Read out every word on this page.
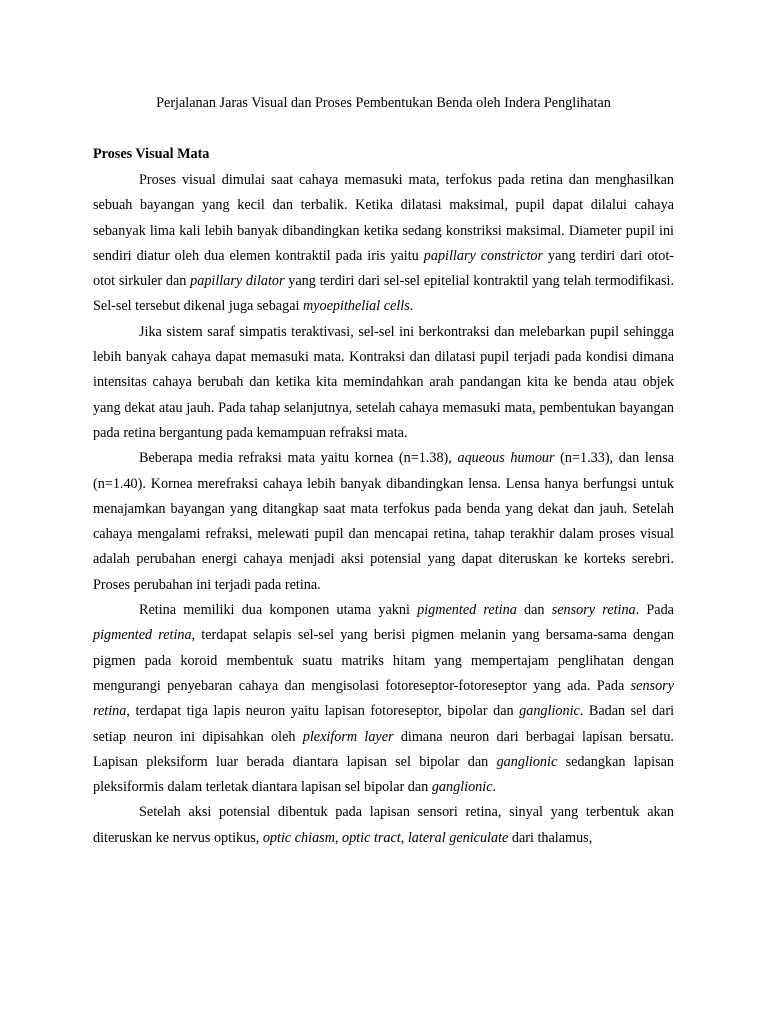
Perjalanan Jaras Visual dan Proses Pembentukan Benda oleh Indera Penglihatan
Proses Visual Mata

Proses visual dimulai saat cahaya memasuki mata, terfokus pada retina dan menghasilkan sebuah bayangan yang kecil dan terbalik. Ketika dilatasi maksimal, pupil dapat dilalui cahaya sebanyak lima kali lebih banyak dibandingkan ketika sedang konstriksi maksimal. Diameter pupil ini sendiri diatur oleh dua elemen kontraktil pada iris yaitu papillary constrictor yang terdiri dari otot-otot sirkuler dan papillary dilator yang terdiri dari sel-sel epitelial kontraktil yang telah termodifikasi. Sel-sel tersebut dikenal juga sebagai myoepithelial cells.

Jika sistem saraf simpatis teraktivasi, sel-sel ini berkontraksi dan melebarkan pupil sehingga lebih banyak cahaya dapat memasuki mata. Kontraksi dan dilatasi pupil terjadi pada kondisi dimana intensitas cahaya berubah dan ketika kita memindahkan arah pandangan kita ke benda atau objek yang dekat atau jauh. Pada tahap selanjutnya, setelah cahaya memasuki mata, pembentukan bayangan pada retina bergantung pada kemampuan refraksi mata.

Beberapa media refraksi mata yaitu kornea (n=1.38), aqueous humour (n=1.33), dan lensa (n=1.40). Kornea merefraksi cahaya lebih banyak dibandingkan lensa. Lensa hanya berfungsi untuk menajamkan bayangan yang ditangkap saat mata terfokus pada benda yang dekat dan jauh. Setelah cahaya mengalami refraksi, melewati pupil dan mencapai retina, tahap terakhir dalam proses visual adalah perubahan energi cahaya menjadi aksi potensial yang dapat diteruskan ke korteks serebri. Proses perubahan ini terjadi pada retina.

Retina memiliki dua komponen utama yakni pigmented retina dan sensory retina. Pada pigmented retina, terdapat selapis sel-sel yang berisi pigmen melanin yang bersama-sama dengan pigmen pada koroid membentuk suatu matriks hitam yang mempertajam penglihatan dengan mengurangi penyebaran cahaya dan mengisolasi fotoreseptor-fotoreseptor yang ada. Pada sensory retina, terdapat tiga lapis neuron yaitu lapisan fotoreseptor, bipolar dan ganglionic. Badan sel dari setiap neuron ini dipisahkan oleh plexiform layer dimana neuron dari berbagai lapisan bersatu. Lapisan pleksiform luar berada diantara lapisan sel bipolar dan ganglionic sedangkan lapisan pleksiformis dalam terletak diantara lapisan sel bipolar dan ganglionic.

Setelah aksi potensial dibentuk pada lapisan sensori retina, sinyal yang terbentuk akan diteruskan ke nervus optikus, optic chiasm, optic tract, lateral geniculate dari thalamus,
